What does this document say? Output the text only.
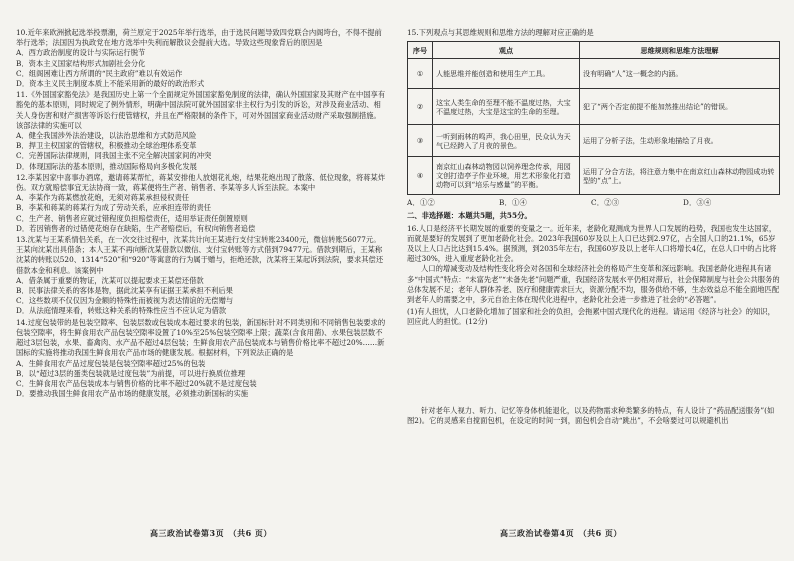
10.近年来欧洲掀起选举投票潮，荷兰原定于2025年举行选举，由于选民问题导致四党联合内阁垮台，不得不提前举行选举；法国因为执政党在地方选举中失利而解散议会提前大选。导致这些现象背后的原因是

A．西方政治制度的设计与实际运行脱节

B．资本主义国家结构形式加剧社会分化

C．组阁困难让西方所谓的“民主政府”难以有效运作

D．资本主义民主制度本质上不能采用新的最好的政治形式

11.《外国国家豁免法》是我国历史上第一个全面规定外国国家豁免制度的法律，确认外国国家及其财产在中国享有豁免的基本原则，同时规定了例外情形，明确中国法院可就外国国家非主权行为引发的诉讼，对涉及商业活动、相关人身伤害和财产损害等诉讼行使管辖权，并且在严格限制的条件下，可对外国国家商业活动财产采取强制措施。该部法律的实施可以

A．健全我国涉外法治建设，以法治思维和方式防范风险

B．捍卫主权国家的管辖权，积极推动全球治理体系变革

C．完善国际法律规则，同我国主张不完全解决国家间的冲突

D．体现国际法的基本原则，推动国际格局向多极化发展

12.李某因家中喜事办酒席，邀请蒋某帮忙，蒋某安排他人放烟花礼炮，结果花炮出现了散落、低位现象，将蒋某炸伤。双方就赔偿事宜无法协商一致，蒋某便将生产者、销售者、李某等多人诉至法院。本案中

A．李某作为蒋某燃放花炮，无须对蒋某承担侵权责任

B．李某和蒋某的蒋某行为成了劳动关系，应承担连带的责任

C．生产者、销售者应就过错程度负担赔偿责任，适用举证责任倒置原则

D．若因销售者的过错使花炮存在缺陷，生产者赔偿后，有权向销售者追偿

13.沈某与王某系情侣关系，在一次交往过程中，沈某共计向王某进行支付宝转账23400元，微信转账56077元。王某向沈某出具借条；本人王某不再向断沈某借款以微信、支付宝转账等方式借到79477元。借款到期后，王某称沈某的转账以520、1314“520”和“920”等寓意的行为属于赠与，拒绝还款，沈某将王某起诉到法院，要求其偿还借款本金和利息。该案例中

A．借条属于重要的物证，沈某可以提起要求王某偿还借款

B．民事法律关系的客体是物，据此沈某享有证据王某承担不利后果

C．这些数项不仅仅因为金额的特殊性而被视为表达情谊的无偿赠与

D．从法庭情理来看，转账这种关系的特殊性应当不应认定为借款

14.过度包装带的是包装空隙率、包装层数或包装成本超过要求的包装，新国标针对不同类别和不同销售包装要求的包装空隙率，将生鲜食用农产品包装空隙率设置了10%至25%包装空隙率上限；蔬菜(含食用菌)、水果包装层数不超过3层包装，水果、畜禽肉、水产品不超过4层包装；生鲜食用农产品包装成本与销售价格比率不超过20%……新国标的实施将推动我国生鲜食用农产品市场的健康发展。根据材料，下列说法正确的是

A．生鲜食用农产品过度包装是包装空隙率超过25%的包装

B．以“超过3层的蛋类包装就是过度包装”为前提，可以进行换质位推理

C．生鲜食用农产品包装成本与销售价格的比率不超过20%就不是过度包装

D．要推动我国生鲜食用农产品市场的健康发展，必须推动新国标的实施

高三政治试卷第3页　（共6 页）

15.下列观点与其思维规则和思维方法的理解对应正确的是

序号	观点	思维规则和思维方法理解
①	人能思维并能创造和使用生产工具。	没有明确“人”这一概念的内涵。
②	这宝人类生命的至理不能不温度过热，大宝不温度过热，大宝是这宝的生命的至理。	犯了“两个否定前提不能加然推出结论”的错误。
③	一听到雨林的鸣声，我心田里，民众认为天气已经跨入了月夜的景色。	运用了分析子法，生动形象地描绘了月夜。
④	南京红山森林动物园以饲养理念传承，用园文创打造亭子作业环境，用艺术形象化打造动物可以到“培乐与感量”的平衡。	运用了分合方法，将注意力集中在南京红山森林动物园成功转型的“点”上。
A．①②	B．①④	C．②③	D．③④
二、非选择题：本题共5题，共55分。

16.人口是经济平长期发展的重要的变量之一。近年来，老龄化观测成为世界人口发展的趋势，我国也发生达国家，而就是要好的发展到了更加老龄化社会。2023年我国60岁及以上人口已达到2.97亿，占全国人口的21.1%，65岁及以上人口占比达到15.4%。据预测，到2035年左右，我国60岁及以上老年人口将增长4亿，在总人口中的占比将超过30%，进入重度老龄化社会。

人口的增减变动及结构性变化将会对各国和全球经济社会的格局产生变革和深远影响。我国老龄化进程具有诸多“中国式”特点：“未富先老”“未备先老”问题严重，我国经济发展水平仍相对滞后，社会保障制度与社会公共服务的总体发展不足；老年人群体养老、医疗和健康需求巨大，资源分配不均，服务供给不够，生态效益总不能全面地匹配到老年人的需要之中，多元自治主体在现代化进程中，老龄化社会进一步推进了社会的“必答题”。

(1)有人担忧，人口老龄化增加了国家和社会的负担，会拖累中国式现代化的进程。请运用《经济与社会》的知识，回应此人的担忧。(12分)

针对老年人视力、听力、记忆等身体机能退化，以及药物需求种类繁多的特点，有人设计了“药品配送服务”(如图2)。它的灵感来自搅面包机，在设定的时间一到，面包机会自动“跳出”，不会啥要过可以规避机出

高三政治试卷第4页　（共6 页）
